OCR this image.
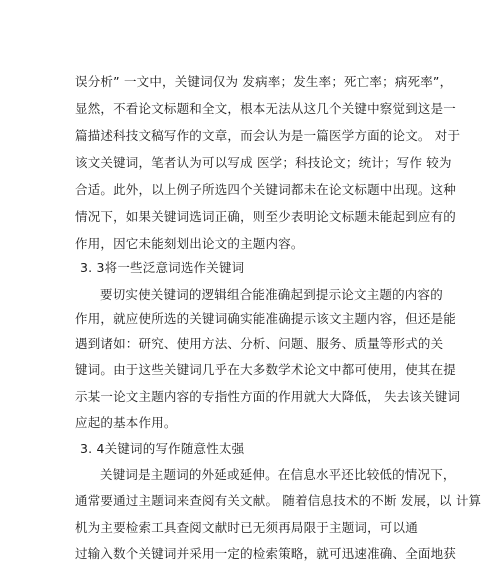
误分析” 一文中，关键词仅为 发病率；发生率；死亡率；病死率”，
显然，不看论文标题和全文，根本无法从这几个关键中察觉到这是一
篇描述科技文稿写作的文章，而会认为是一篇医学方面的论文。 对于
该文关键词，笔者认为可以写成 医学；科技论文；统计；写作 较为
合适。此外，以上例子所选四个关键词都未在论文标题中出现。这种
情况下，如果关键词选词正确，则至少表明论文标题未能起到应有的
作用，因它未能刻划出论文的主题内容。
3. 3将一些泛意词选作关键词
要切实使关键词的逻辑组合能准确起到提示论文主题的内容的
作用，就应使所选的关键词确实能准确提示该文主题内容，但还是能
遇到诸如：研究、使用方法、分析、问题、服务、质量等形式的关
键词。由于这些关键词几乎在大多数学术论文中都可使用，使其在提
示某一论文主题内容的专指性方面的作用就大大降低， 失去该关键词
应起的基本作用。
3. 4关键词的写作随意性太强
关键词是主题词的外延或延伸。在信息水平还比较低的情况下，
通常要通过主题词来查阅有关文献。 随着信息技术的不断 发展，以 计算
机为主要检索工具查阅文献时已无须再局限于主题词，可以通
过输入数个关键词并采用一定的检索策略，就可迅速准确、全面地获
